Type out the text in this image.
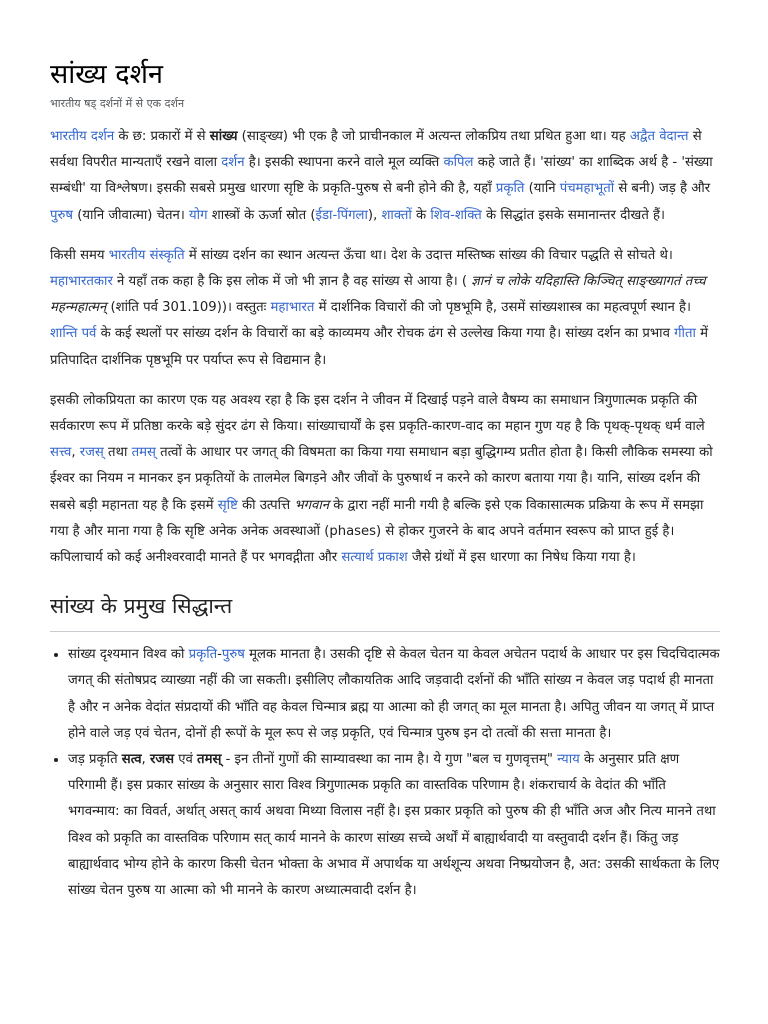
सांख्य दर्शन
भारतीय षड् दर्शनों में से एक दर्शन

भारतीय दर्शन के छ: प्रकारों में से सांख्य (साङ्ख्य) भी एक है जो प्राचीनकाल में अत्यन्त लोकप्रिय तथा प्रथित हुआ था। यह अद्वैत वेदान्त से सर्वथा विपरीत मान्यताएँ रखने वाला दर्शन है। इसकी स्थापना करने वाले मूल व्यक्ति कपिल कहे जाते हैं। 'सांख्य' का शाब्दिक अर्थ है - 'संख्या सम्बंधी' या विश्लेषण। इसकी सबसे प्रमुख धारणा सृष्टि के प्रकृति-पुरुष से बनी होने की है, यहाँ प्रकृति (यानि पंचमहाभूतों से बनी) जड़ है और पुरुष (यानि जीवात्मा) चेतन। योग शास्त्रों के ऊर्जा स्रोत (ईडा-पिंगला), शाक्तों के शिव-शक्ति के सिद्धांत इसके समानान्तर दीखते हैं।

किसी समय भारतीय संस्कृति में सांख्य दर्शन का स्थान अत्यन्त ऊँचा था। देश के उदात्त मस्तिष्क सांख्य की विचार पद्धति से सोचते थे। महाभारतकार ने यहाँ तक कहा है कि इस लोक में जो भी ज्ञान है वह सांख्य से आया है। ( ज्ञानं च लोके यदिहास्ति किञ्चित् साङ्ख्यागतं तच्च महन्महात्मन् (शांति पर्व 301.109))। वस्तुतः महाभारत में दार्शनिक विचारों की जो पृष्ठभूमि है, उसमें सांख्यशास्त्र का महत्वपूर्ण स्थान है। शान्ति पर्व के कई स्थलों पर सांख्य दर्शन के विचारों का बड़े काव्यमय और रोचक ढंग से उल्लेख किया गया है। सांख्य दर्शन का प्रभाव गीता में प्रतिपादित दार्शनिक पृष्ठभूमि पर पर्याप्त रूप से विद्यमान है।

इसकी लोकप्रियता का कारण एक यह अवश्य रहा है कि इस दर्शन ने जीवन में दिखाई पड़ने वाले वैषम्य का समाधान त्रिगुणात्मक प्रकृति की सर्वकारण रूप में प्रतिष्ठा करके बड़े सुंदर ढंग से किया। सांख्याचार्यों के इस प्रकृति-कारण-वाद का महान गुण यह है कि पृथक्-पृथक् धर्म वाले सत्त्व, रजस् तथा तमस् तत्वों के आधार पर जगत् की विषमता का किया गया समाधान बड़ा बुद्धिगम्य प्रतीत होता है। किसी लौकिक समस्या को ईश्वर का नियम न मानकर इन प्रकृतियों के तालमेल बिगड़ने और जीवों के पुरुषार्थ न करने को कारण बताया गया है। यानि, सांख्य दर्शन की सबसे बड़ी महानता यह है कि इसमें सृष्टि की उत्पत्ति भगवान के द्वारा नहीं मानी गयी है बल्कि इसे एक विकासात्मक प्रक्रिया के रूप में समझा गया है और माना गया है कि सृष्टि अनेक अनेक अवस्थाओं (phases) से होकर गुजरने के बाद अपने वर्तमान स्वरूप को प्राप्त हुई है। कपिलाचार्य को कई अनीश्वरवादी मानते हैं पर भगवद्गीता और सत्यार्थ प्रकाश जैसे ग्रंथों में इस धारणा का निषेध किया गया है।

सांख्य के प्रमुख सिद्धान्त
• सांख्य दृश्यमान विश्व को प्रकृति-पुरुष मूलक मानता है। उसकी दृष्टि से केवल चेतन या केवल अचेतन पदार्थ के आधार पर इस चिदचिदात्मक जगत् की संतोषप्रद व्याख्या नहीं की जा सकती। इसीलिए लौकायतिक आदि जड़वादी दर्शनों की भाँति सांख्य न केवल जड़ पदार्थ ही मानता है और न अनेक वेदांत संप्रदायों की भाँति वह केवल चिन्मात्र ब्रह्म या आत्मा को ही जगत् का मूल मानता है। अपितु जीवन या जगत् में प्राप्त होने वाले जड़ एवं चेतन, दोनों ही रूपों के मूल रूप से जड़ प्रकृति, एवं चिन्मात्र पुरुष इन दो तत्वों की सत्ता मानता है।
• जड़ प्रकृति सत्व, रजस एवं तमस् - इन तीनों गुणों की साम्यावस्था का नाम है। ये गुण "बल च गुणवृत्तम्" न्याय के अनुसार प्रति क्षण परिगामी हैं। इस प्रकार सांख्य के अनुसार सारा विश्व त्रिगुणात्मक प्रकृति का वास्तविक परिणाम है। शंकराचार्य के वेदांत की भाँति भगवन्माय: का विवर्त, अर्थात् असत् कार्य अथवा मिथ्या विलास नहीं है। इस प्रकार प्रकृति को पुरुष की ही भाँति अज और नित्य मानने तथा विश्व को प्रकृति का वास्तविक परिणाम सत् कार्य मानने के कारण सांख्य सच्चे अर्थों में बाह्यार्थवादी या वस्तुवादी दर्शन हैं। किंतु जड़ बाह्यार्थवाद भोग्य होने के कारण किसी चेतन भोक्ता के अभाव में अपार्थक या अर्थशून्य अथवा निष्प्रयोजन है, अत: उसकी सार्थकता के लिए सांख्य चेतन पुरुष या आत्मा को भी मानने के कारण अध्यात्मवादी दर्शन है।
